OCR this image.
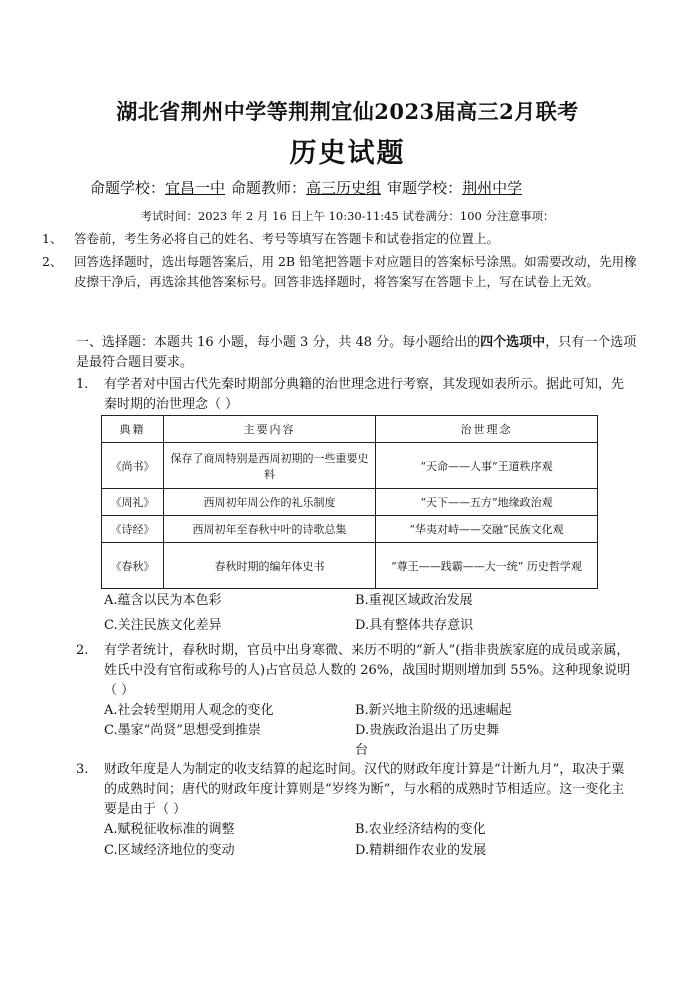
湖北省荆州中学等荆荆宜仙2023届高三2月联考
历史试题
命题学校：宜昌一中 命题教师：高三历史组 审题学校：荆州中学
考试时间：2023 年 2 月 16 日上午 10:30-11:45 试卷满分：100 分注意事项：
1、 答卷前，考生务必将自己的姓名、考号等填写在答题卡和试卷指定的位置上。
2、 回答选择题时，选出每题答案后，用 2B 铅笔把答题卡对应题目的答案标号涂黑。如需要改动，先用橡皮擦干净后，再选涂其他答案标号。回答非选择题时，将答案写在答题卡上，写在试卷上无效。
一、选择题：本题共 16 小题，每小题 3 分，共 48 分。每小题给出的四个选项中，只有一个选项是最符合题目要求。
1. 有学者对中国古代先秦时期部分典籍的治世理念进行考察，其发现如表所示。据此可知，先秦时期的治世理念（ ）
典籍	主要内容	治世理念
《尚书》	保存了商周特别是西周初期的一些重要史料	“天命——人事”王道秩序观
《周礼》	西周初年周公作的礼乐制度	“天下——五方”地缘政治观
《诗经》	西周初年至春秋中叶的诗歌总集	“华夷对峙——交融”民族文化观
《春秋》	春秋时期的编年体史书	“尊王——践霸——大一统” 历史哲学观
A.蕴含以民为本色彩	B.重视区域政治发展
C.关注民族文化差异	D.具有整体共存意识
2. 有学者统计，春秋时期，官员中出身寒微、来历不明的“新人”(指非贵族家庭的成员或亲属，姓氏中没有官衔或称号的人)占官员总人数的 26%，战国时期则增加到 55%。这种现象说明（ ）
A.社会转型期用人观念的变化	B.新兴地主阶级的迅速崛起
C.墨家“尚贤”思想受到推崇	D.贵族政治退出了历史舞
台
3. 财政年度是人为制定的收支结算的起迄时间。汉代的财政年度计算是“计断九月”，取决于粟的成熟时间；唐代的财政年度计算则是“岁终为断”，与水稻的成熟时节相适应。这一变化主要是由于（ ）
A.赋税征收标准的调整	B.农业经济结构的变化
C.区域经济地位的变动	D.精耕细作农业的发展
